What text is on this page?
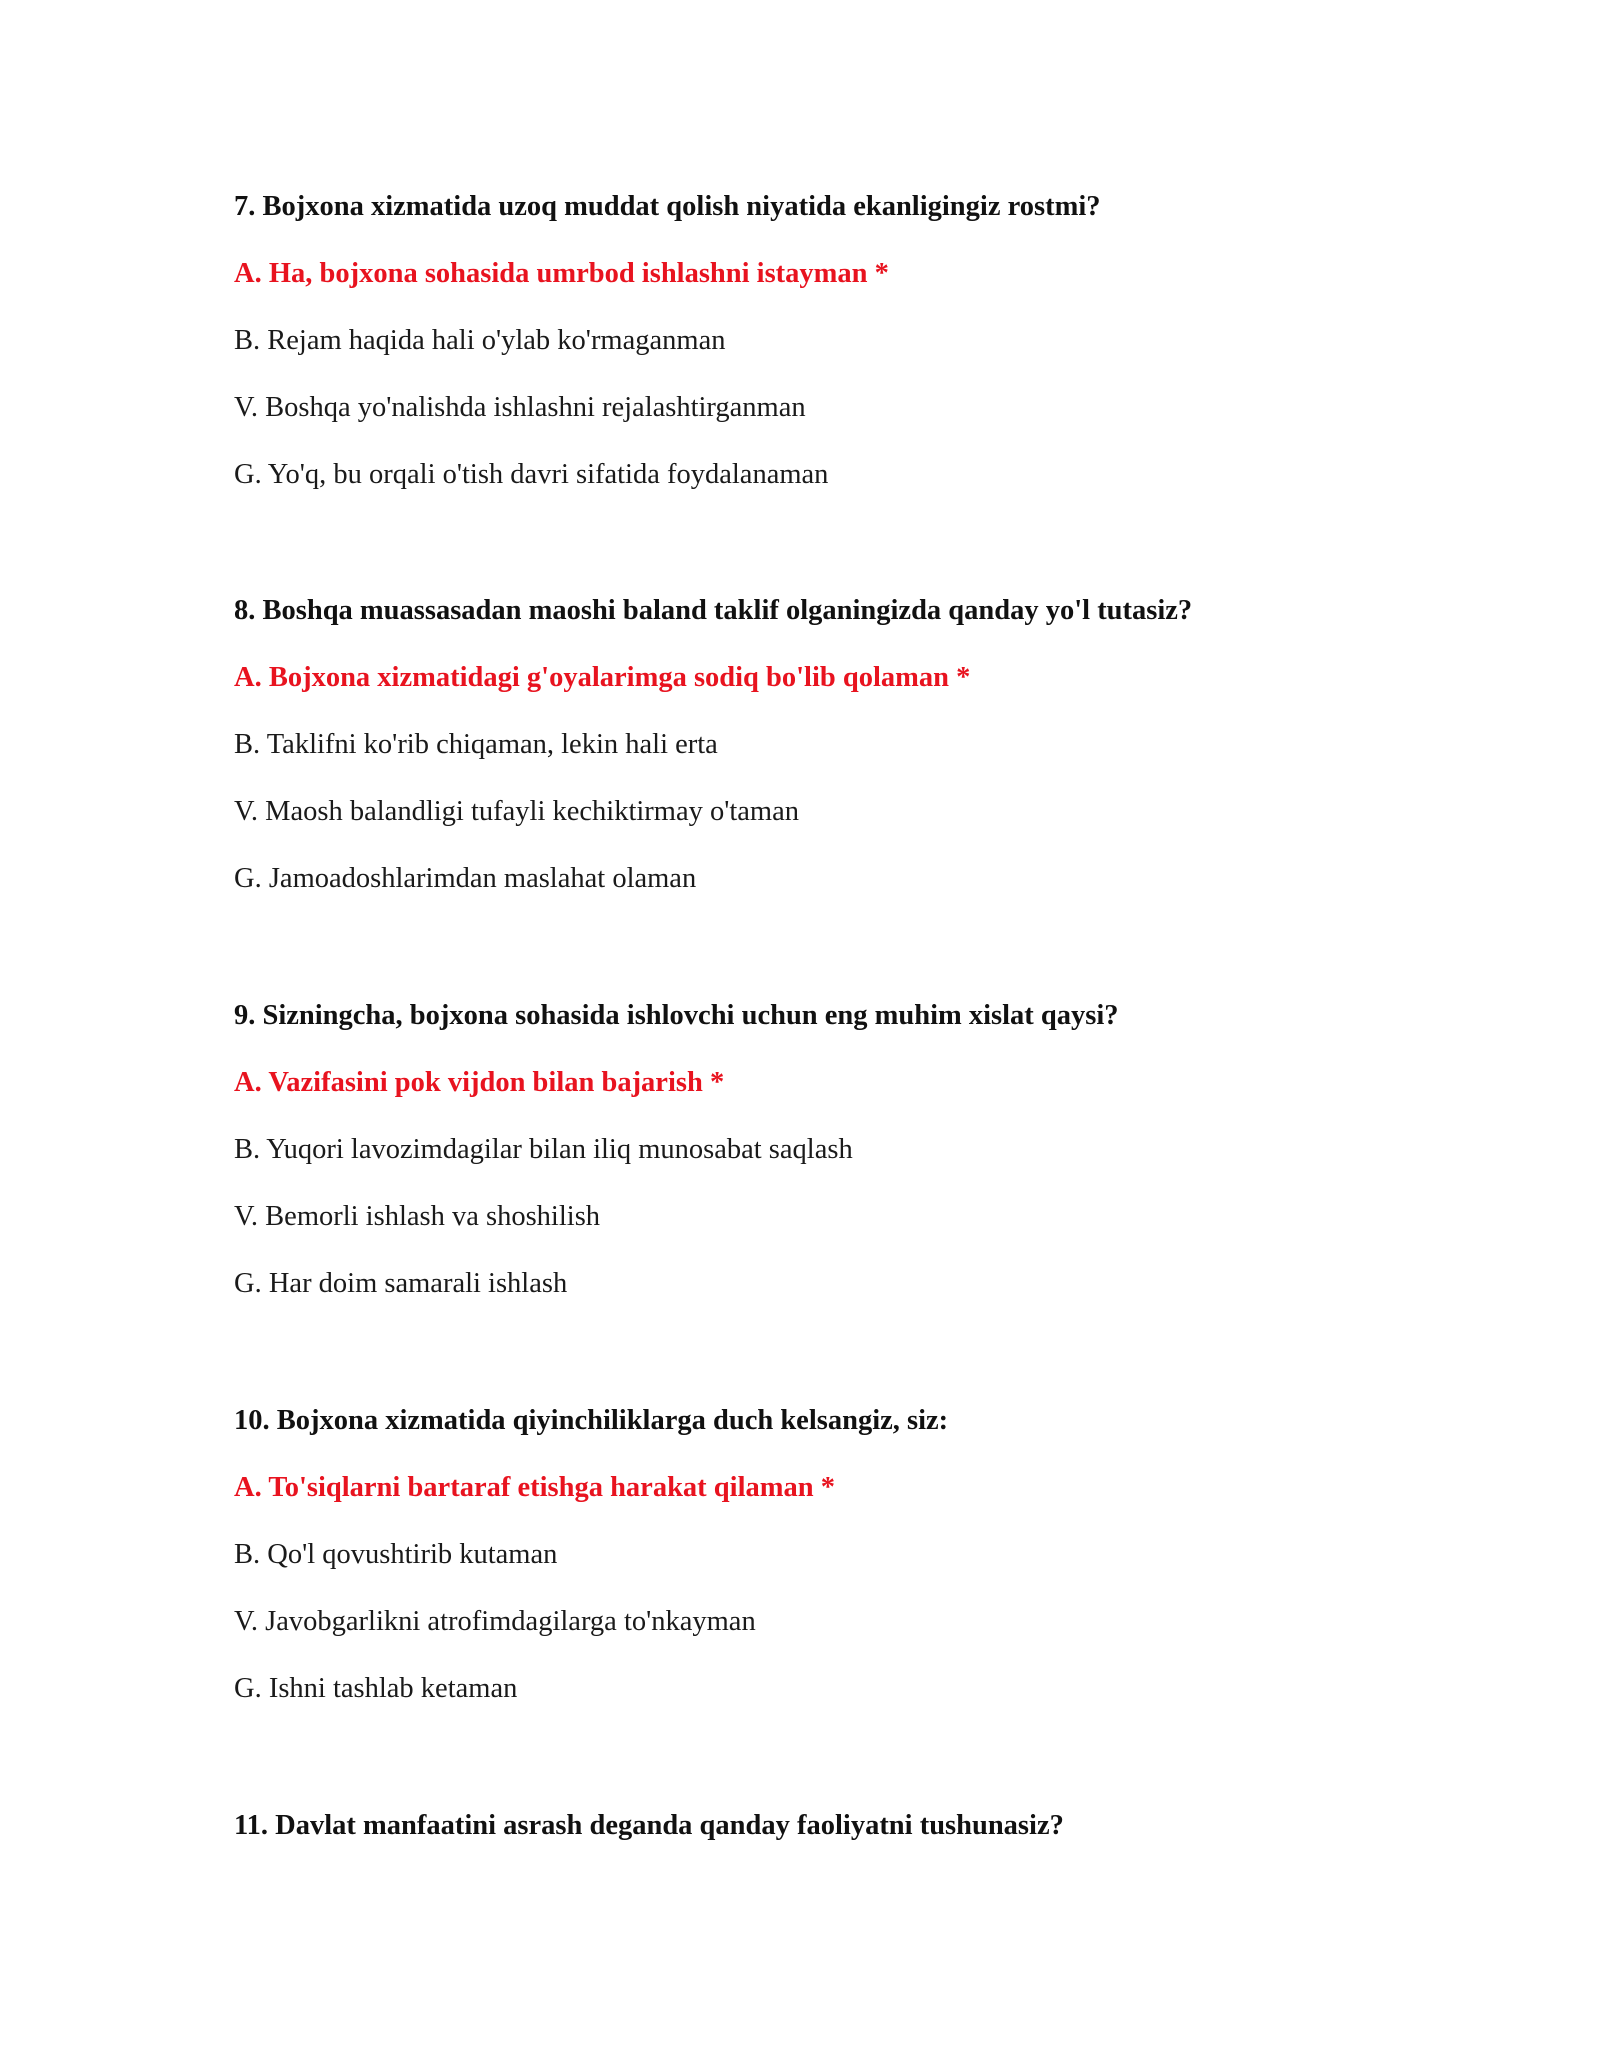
7. Bojxona xizmatida uzoq muddat qolish niyatida ekanligingiz rostmi?

A. Ha, bojxona sohasida umrbod ishlashni istayman *

B. Rejam haqida hali o'ylab ko'rmaganman

V. Boshqa yo'nalishda ishlashni rejalashtirganman

G. Yo'q, bu orqali o'tish davri sifatida foydalanaman

8. Boshqa muassasadan maoshi baland taklif olganingizda qanday yo'l tutasiz?

A. Bojxona xizmatidagi g'oyalarimga sodiq bo'lib qolaman *

B. Taklifni ko'rib chiqaman, lekin hali erta

V. Maosh balandligi tufayli kechiktirmay o'taman

G. Jamoadoshlarimdan maslahat olaman

9. Sizningcha, bojxona sohasida ishlovchi uchun eng muhim xislat qaysi?

A. Vazifasini pok vijdon bilan bajarish *

B. Yuqori lavozimdagilar bilan iliq munosabat saqlash

V. Bemorli ishlash va shoshilish

G. Har doim samarali ishlash

10. Bojxona xizmatida qiyinchiliklarga duch kelsangiz, siz:

A. To'siqlarni bartaraf etishga harakat qilaman *

B. Qo'l qovushtirib kutaman

V. Javobgarlikni atrofimdagilarga to'nkayman

G. Ishni tashlab ketaman

11. Davlat manfaatini asrash deganda qanday faoliyatni tushunasiz?
